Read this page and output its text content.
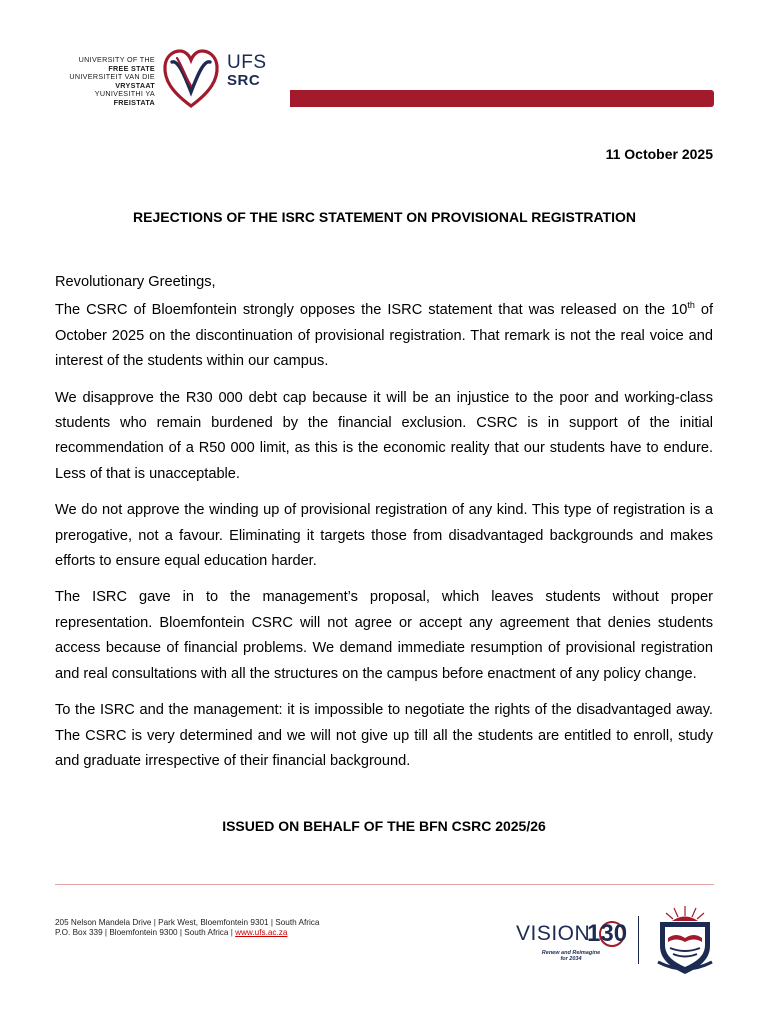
UNIVERSITY OF THE
FREE STATE
UNIVERSITEIT VAN DIE
VRYSTAAT
YUNIVESITHI YA
FREISTATA
UFS
SRC
11 October 2025
REJECTIONS OF THE ISRC STATEMENT ON PROVISIONAL REGISTRATION

Revolutionary Greetings,

The CSRC of Bloemfontein strongly opposes the ISRC statement that was released on the 10th of October 2025 on the discontinuation of provisional registration. That remark is not the real voice and interest of the students within our campus.

We disapprove the R30 000 debt cap because it will be an injustice to the poor and working-class students who remain burdened by the financial exclusion. CSRC is in support of the initial recommendation of a R50 000 limit, as this is the economic reality that our students have to endure. Less of that is unacceptable.

We do not approve the winding up of provisional registration of any kind. This type of registration is a prerogative, not a favour. Eliminating it targets those from disadvantaged backgrounds and makes efforts to ensure equal education harder.

The ISRC gave in to the management’s proposal, which leaves students without proper representation. Bloemfontein CSRC will not agree or accept any agreement that denies students access because of financial problems. We demand immediate resumption of provisional registration and real consultations with all the structures on the campus before enactment of any policy change.

To the ISRC and the management: it is impossible to negotiate the rights of the disadvantaged away. The CSRC is very determined and we will not give up till all the students are entitled to enroll, study and graduate irrespective of their financial background.

ISSUED ON BEHALF OF THE BFN CSRC 2025/26
205 Nelson Mandela Drive | Park West, Bloemfontein 9301 | South Africa
P.O. Box 339 | Bloemfontein 9300 | South Africa | www.ufs.ac.za	VISION
130
Renew and Reimagine
for 2034
